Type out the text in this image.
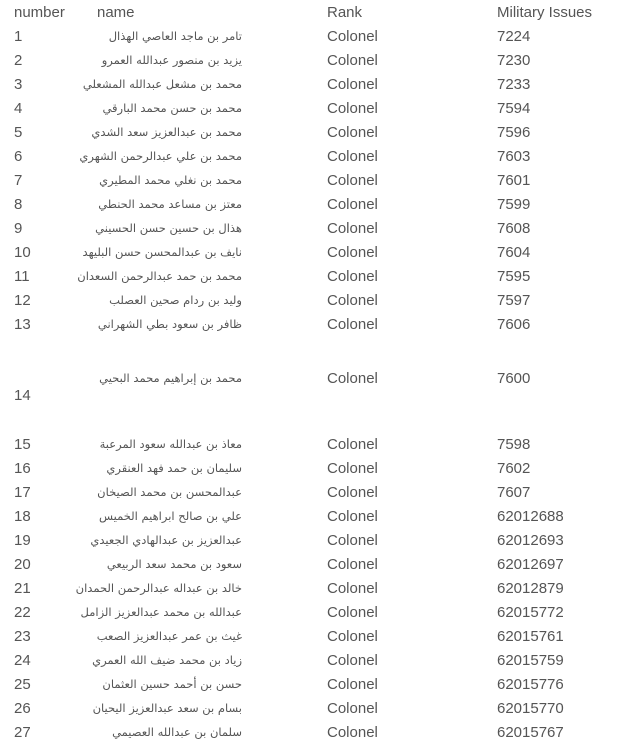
number	name	Rank	Military Issues
1	تامر بن ماجد العاصي الهذال	Colonel	7224
2	يزيد بن منصور عبدالله العمرو	Colonel	7230
3	محمد بن مشعل عبدالله المشعلي	Colonel	7233
4	محمد بن حسن محمد البارقي	Colonel	7594
5	محمد بن عبدالعزيز سعد الشدي	Colonel	7596
6	محمد بن علي عبدالرحمن الشهري	Colonel	7603
7	محمد بن نغلي محمد المطيري	Colonel	7601
8	معتز بن مساعد محمد الحنطي	Colonel	7599
9	هذال بن حسين حسن الحسيني	Colonel	7608
10	نايف بن عبدالمحسن حسن البليهد	Colonel	7604
11	محمد بن حمد عبدالرحمن السعدان	Colonel	7595
12	وليد بن ردام صحين العصلب	Colonel	7597
13	ظافر بن سعود بطي الشهراني	Colonel	7606
14	محمد بن إبراهيم محمد البحيي	Colonel	7600
15	معاذ بن عبدالله سعود المرعبة	Colonel	7598
16	سليمان بن حمد فهد العنقري	Colonel	7602
17	عبدالمحسن بن محمد الصيخان	Colonel	7607
18	علي بن صالح ابراهيم الخميس	Colonel	62012688
19	عبدالعزيز بن عبدالهادي الجعيدي	Colonel	62012693
20	سعود بن محمد سعد الربيعي	Colonel	62012697
21	خالد بن عبداله عبدالرحمن الحمدان	Colonel	62012879
22	عبدالله بن محمد عبدالعزيز الزامل	Colonel	62015772
23	غيث بن عمر عبدالعزيز الصعب	Colonel	62015761
24	زياد بن محمد ضيف الله العمري	Colonel	62015759
25	حسن بن أحمد حسين العثمان	Colonel	62015776
26	بسام بن سعد عبدالعزيز اليحيان	Colonel	62015770
27	سلمان بن عبدالله العصيمي	Colonel	62015767
